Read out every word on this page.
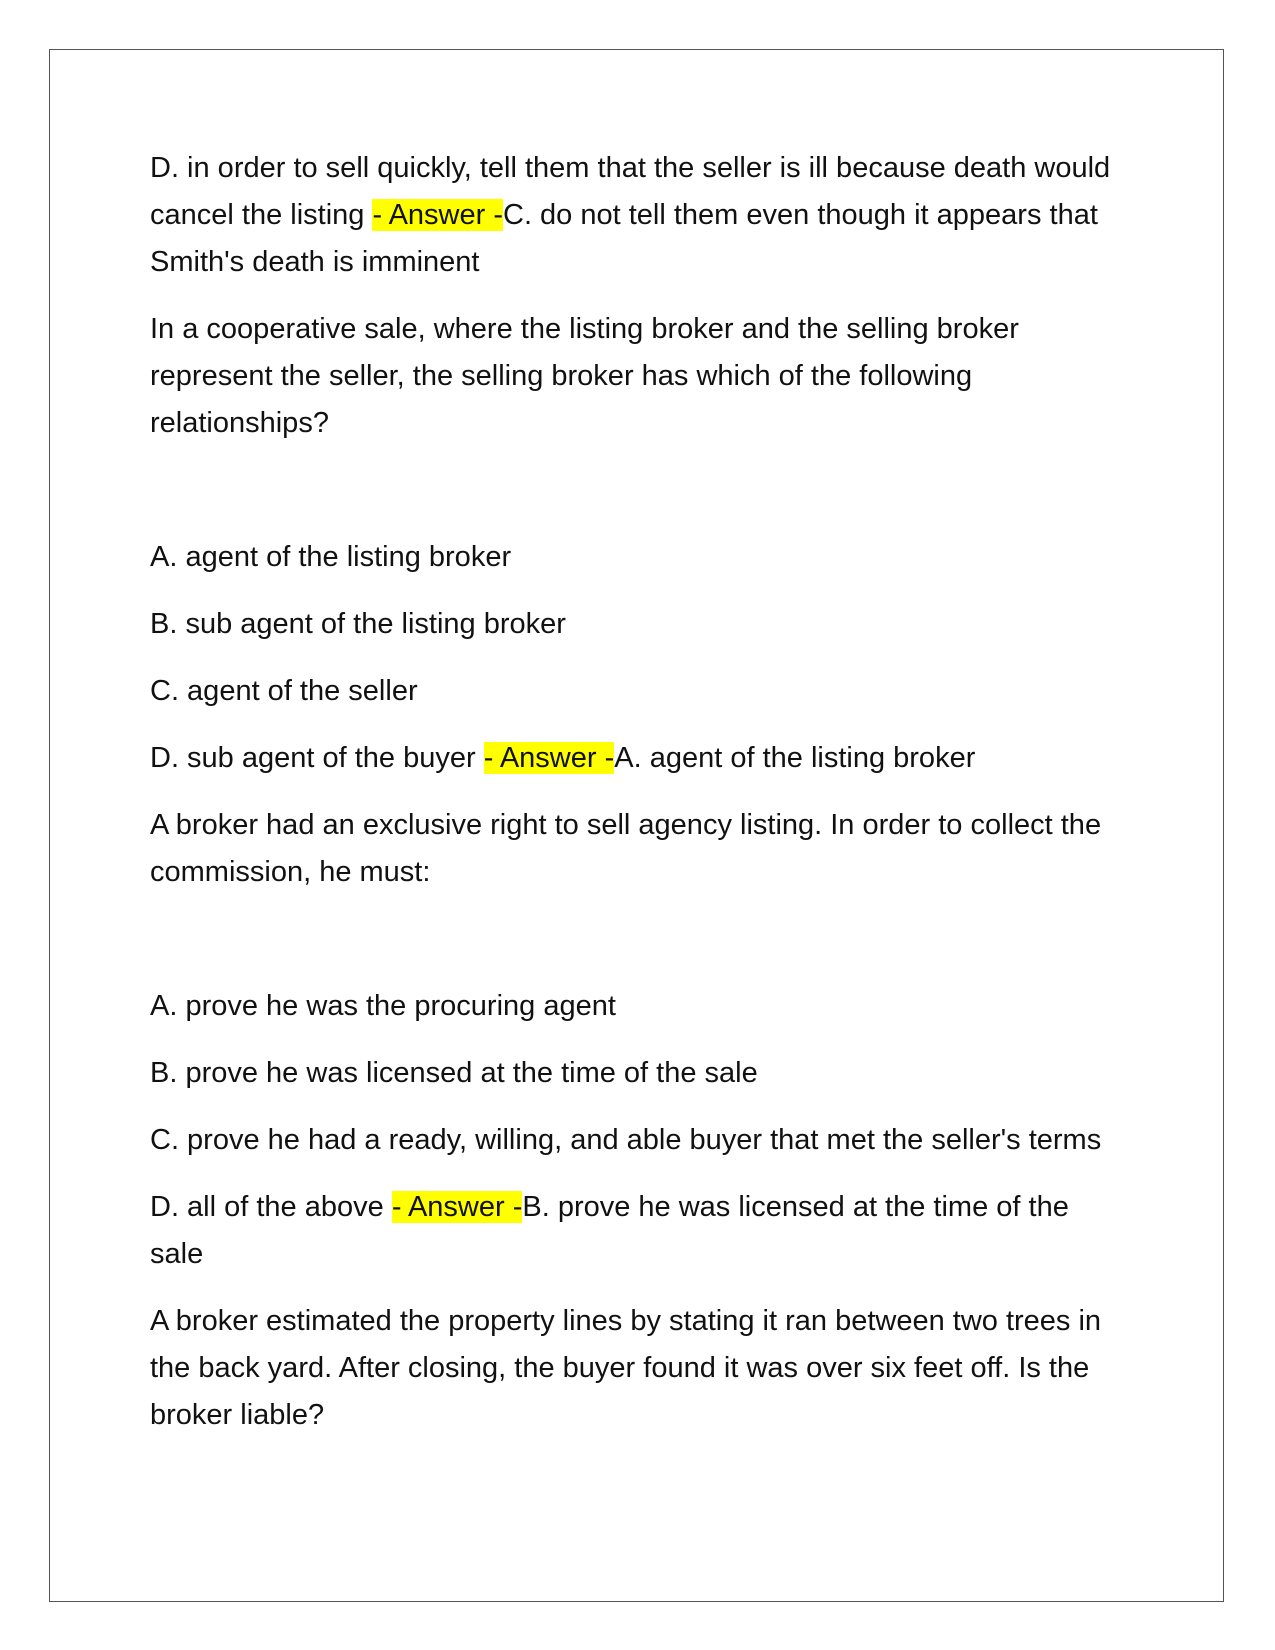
D. in order to sell quickly, tell them that the seller is ill because death would cancel the listing - Answer -C. do not tell them even though it appears that Smith's death is imminent

In a cooperative sale, where the listing broker and the selling broker represent the seller, the selling broker has which of the following relationships?

A. agent of the listing broker

B. sub agent of the listing broker

C. agent of the seller

D. sub agent of the buyer - Answer -A. agent of the listing broker

A broker had an exclusive right to sell agency listing. In order to collect the commission, he must:

A. prove he was the procuring agent

B. prove he was licensed at the time of the sale

C. prove he had a ready, willing, and able buyer that met the seller's terms

D. all of the above - Answer -B. prove he was licensed at the time of the sale

A broker estimated the property lines by stating it ran between two trees in the back yard. After closing, the buyer found it was over six feet off. Is the broker liable?
